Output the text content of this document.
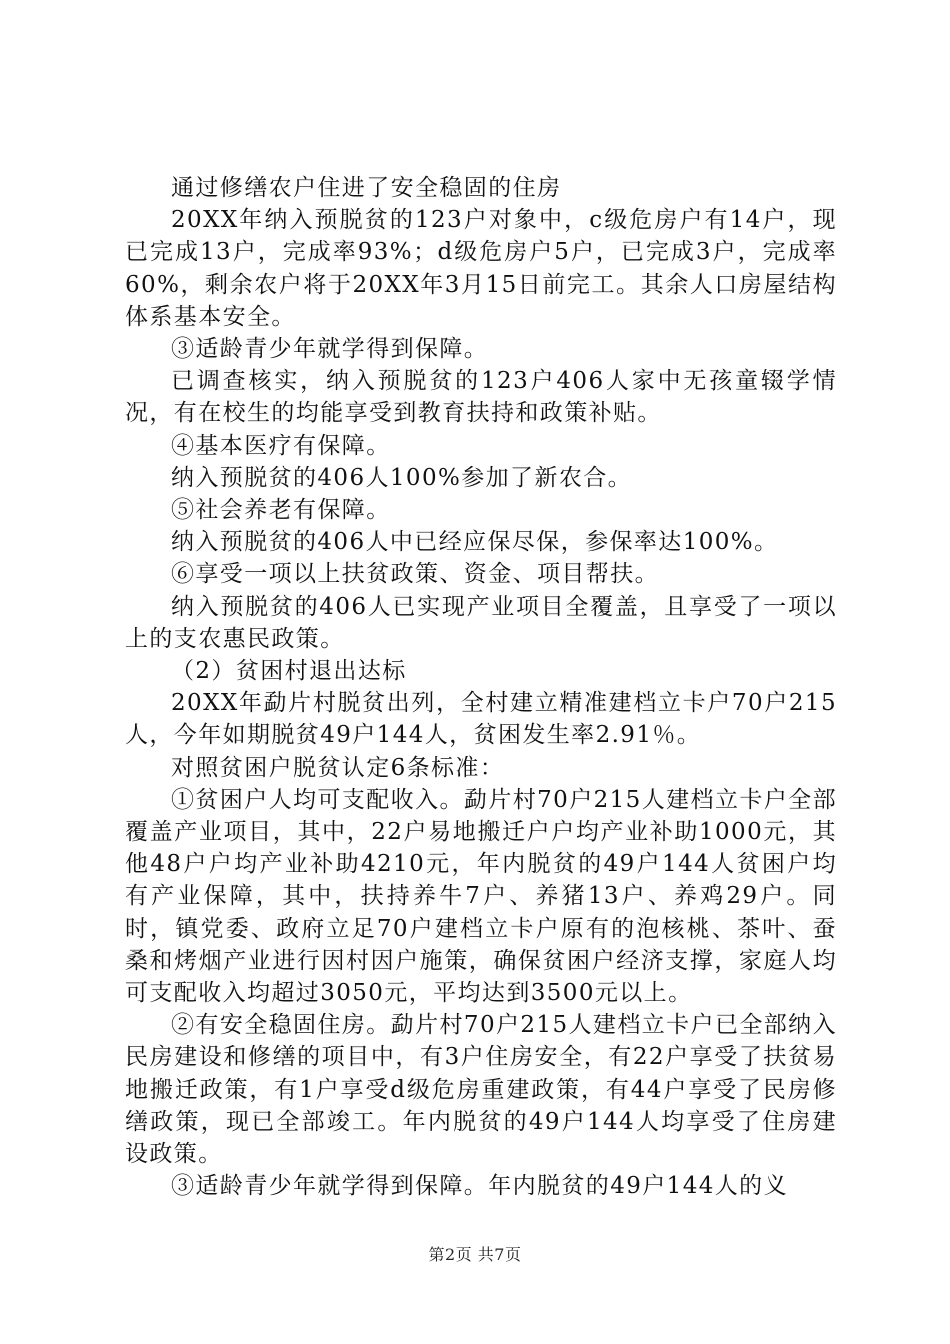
通过修缮农户住进了安全稳固的住房

20XX年纳入预脱贫的123户对象中，c级危房户有14户，现已完成13户，完成率93%；d级危房户5户，已完成3户，完成率60%，剩余农户将于20XX年3月15日前完工。其余人口房屋结构体系基本安全。

③适龄青少年就学得到保障。

已调查核实，纳入预脱贫的123户406人家中无孩童辍学情况，有在校生的均能享受到教育扶持和政策补贴。

④基本医疗有保障。

纳入预脱贫的406人100%参加了新农合。

⑤社会养老有保障。

纳入预脱贫的406人中已经应保尽保，参保率达100%。

⑥享受一项以上扶贫政策、资金、项目帮扶。

纳入预脱贫的406人已实现产业项目全覆盖，且享受了一项以上的支农惠民政策。

（2）贫困村退出达标

20XX年勐片村脱贫出列，全村建立精准建档立卡户70户215人，今年如期脱贫49户144人，贫困发生率2.91％。

对照贫困户脱贫认定6条标准：

①贫困户人均可支配收入。勐片村70户215人建档立卡户全部覆盖产业项目，其中，22户易地搬迁户户均产业补助1000元，其他48户户均产业补助4210元，年内脱贫的49户144人贫困户均有产业保障，其中，扶持养牛7户、养猪13户、养鸡29户。同时，镇党委、政府立足70户建档立卡户原有的泡核桃、茶叶、蚕桑和烤烟产业进行因村因户施策，确保贫困户经济支撑，家庭人均可支配收入均超过3050元，平均达到3500元以上。

②有安全稳固住房。勐片村70户215人建档立卡户已全部纳入民房建设和修缮的项目中，有3户住房安全，有22户享受了扶贫易地搬迁政策，有1户享受d级危房重建政策，有44户享受了民房修缮政策，现已全部竣工。年内脱贫的49户144人均享受了住房建设政策。

③适龄青少年就学得到保障。年内脱贫的49户144人的义

第2页 共7页
